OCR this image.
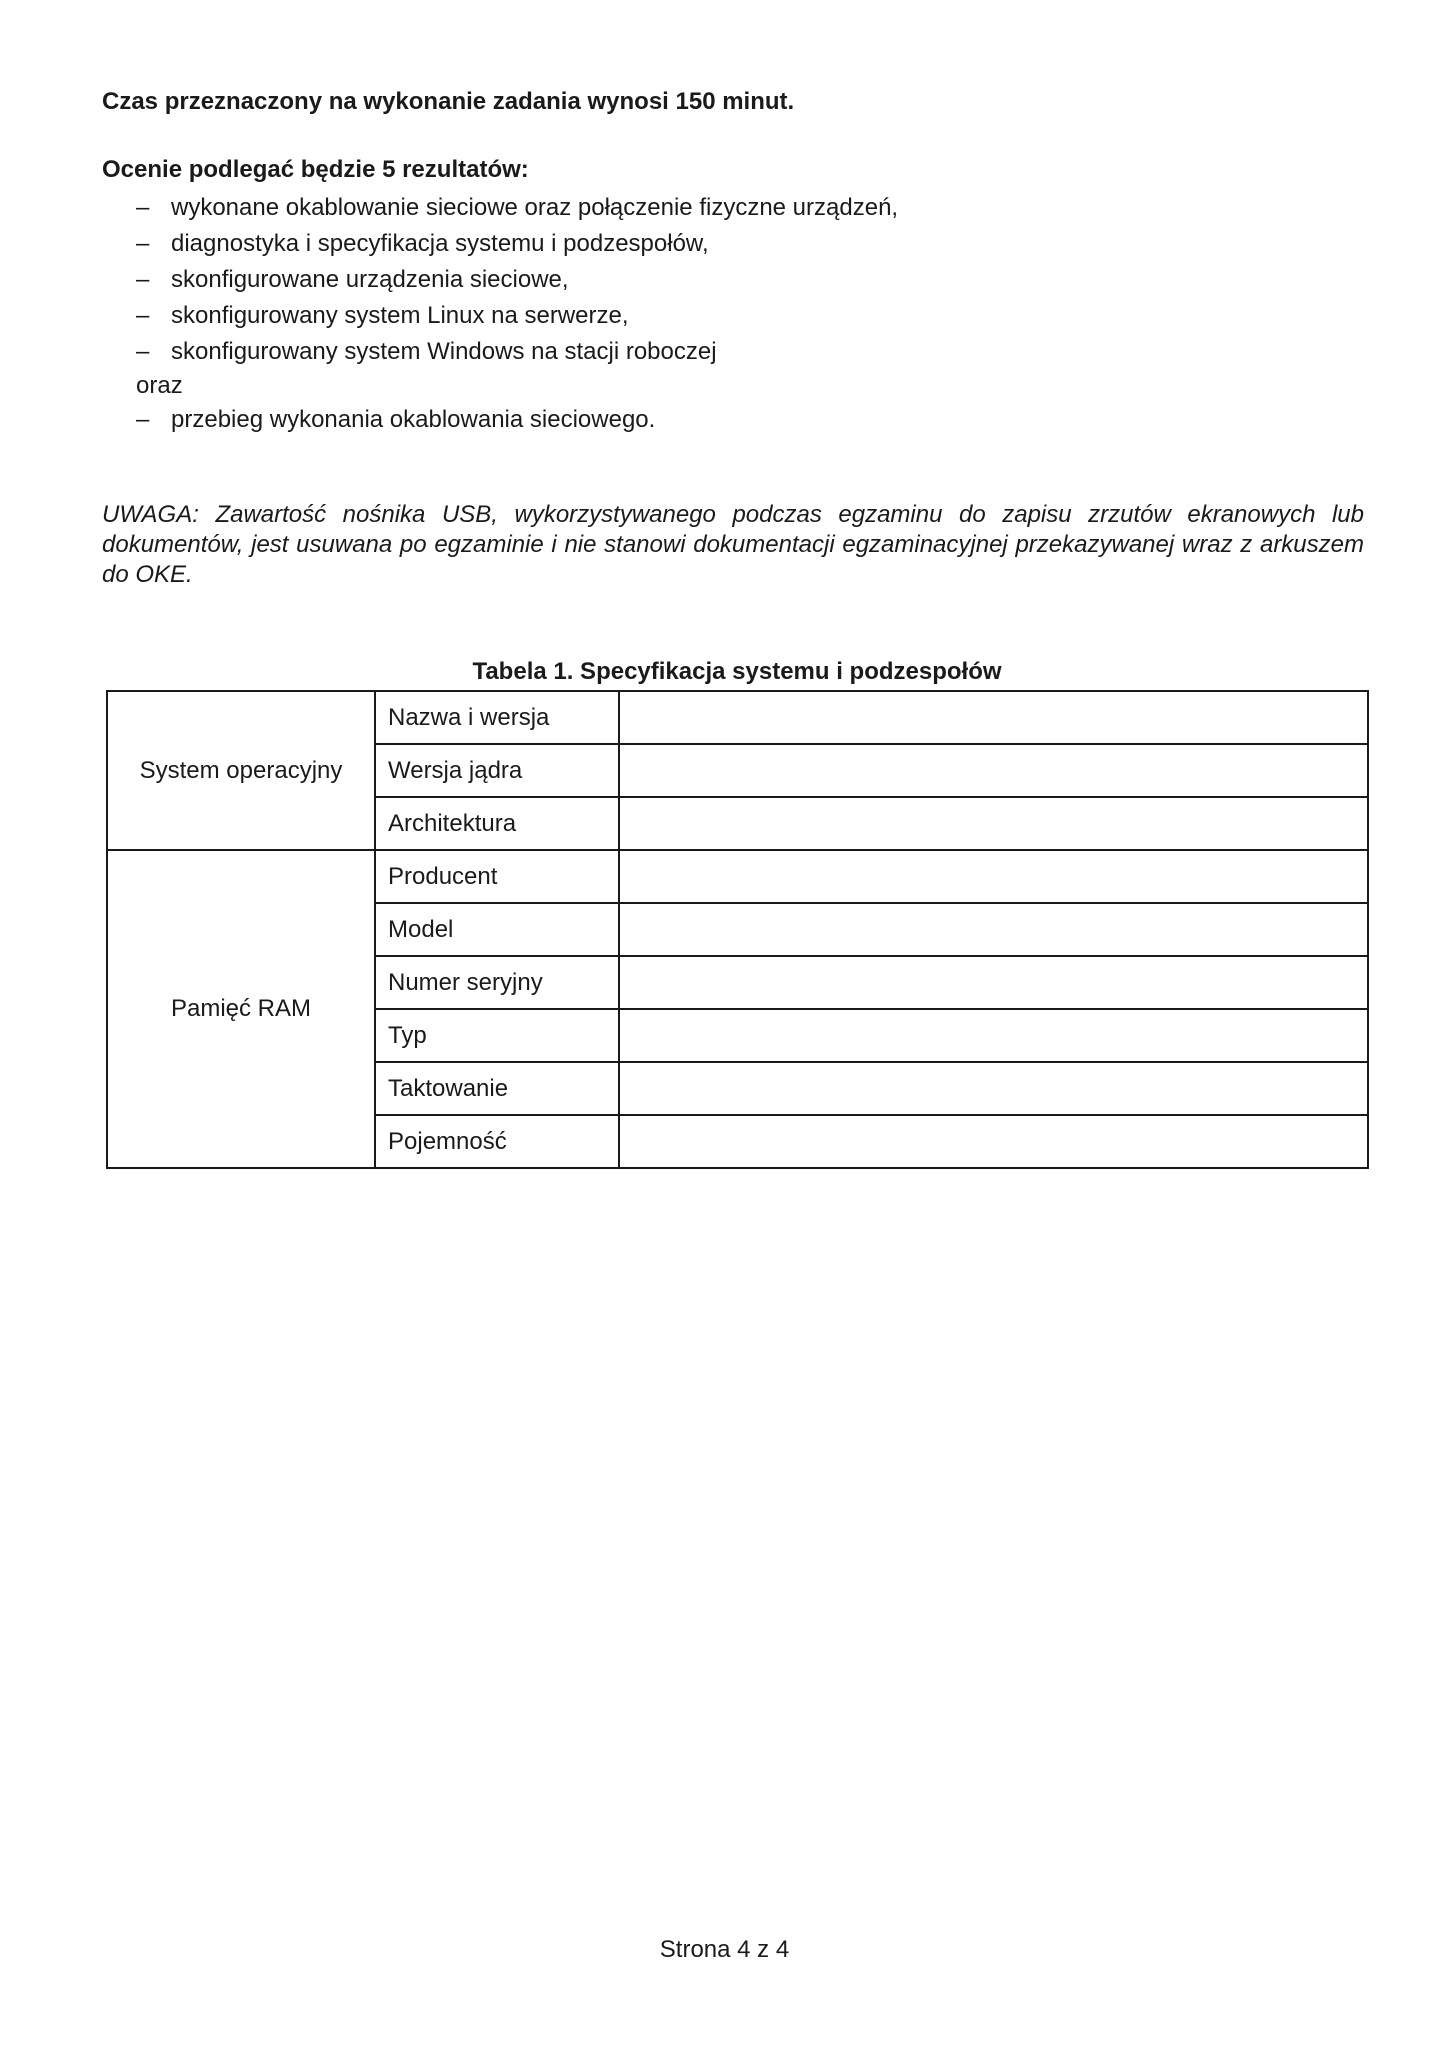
Czas przeznaczony na wykonanie zadania wynosi 150 minut.

Ocenie podlegać będzie 5 rezultatów:

– wykonane okablowanie sieciowe oraz połączenie fizyczne urządzeń,
– diagnostyka i specyfikacja systemu i podzespołów,
– skonfigurowane urządzenia sieciowe,
– skonfigurowany system Linux na serwerze,
– skonfigurowany system Windows na stacji roboczej
oraz

– przebieg wykonania okablowania sieciowego.

UWAGA: Zawartość nośnika USB, wykorzystywanego podczas egzaminu do zapisu zrzutów ekranowych lub dokumentów, jest usuwana po egzaminie i nie stanowi dokumentacji egzaminacyjnej przekazywanej wraz z arkuszem do OKE.

Tabela 1. Specyfikacja systemu i podzespołów

System operacyjny	Nazwa i wersja	
	Wersja jądra	
	Architektura	
Pamięć RAM	Producent	
	Model	
	Numer seryjny	
	Typ	
	Taktowanie	
	Pojemność	

Strona 4 z 4
